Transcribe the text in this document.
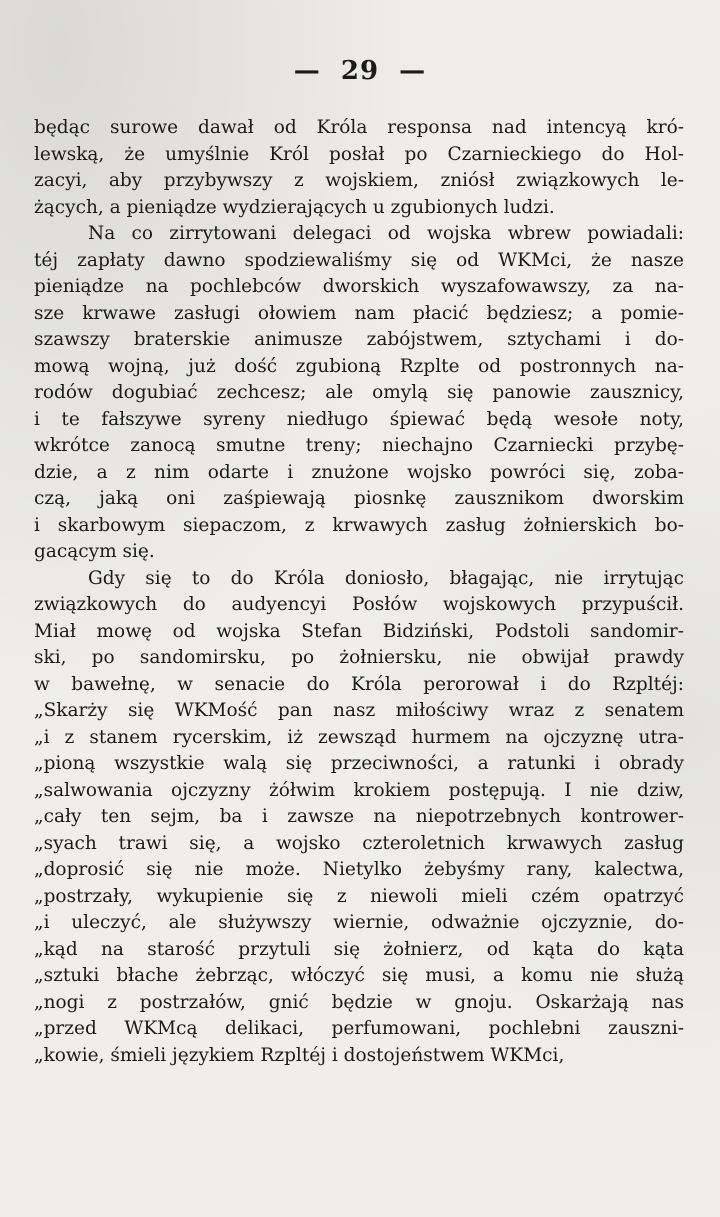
—  29  —
będąc surowe dawał od Króla responsa nad intencyą kró-
lewską, że umyślnie Król posłał po Czarnieckiego do Hol-
zacyi, aby przybywszy z wojskiem, zniósł związkowych le-
żących, a pieniądze wydzierających u zgubionych ludzi.
Na co zirrytowani delegaci od wojska wbrew powiadali:
téj zapłaty dawno spodziewaliśmy się od WKMci, że nasze
pieniądze na pochlebców dworskich wyszafowawszy, za na-
sze krwawe zasługi ołowiem nam płacić będziesz; a pomie-
szawszy braterskie animusze zabójstwem, sztychami i do-
mową wojną, już dość zgubioną Rzplte od postronnych na-
rodów dogubiać zechcesz; ale omylą się panowie zausznicy,
i te fałszywe syreny niedługo śpiewać będą wesołe noty,
wkrótce zanocą smutne treny; niechajno Czarniecki przybę-
dzie, a z nim odarte i znużone wojsko powróci się, zoba-
czą, jaką oni zaśpiewają piosnkę zausznikom dworskim
i skarbowym siepaczom, z krwawych zasług żołnierskich bo-
gacącym się.
Gdy się to do Króla doniosło, błagając, nie irrytując
związkowych do audyencyi Posłów wojskowych przypuścił.
Miał mowę od wojska Stefan Bidziński, Podstoli sandomir-
ski, po sandomirsku, po żołniersku, nie obwijał prawdy
w bawełnę, w senacie do Króla perorował i do Rzpltéj:
„Skarży się WKMość pan nasz miłościwy wraz z senatem
„i z stanem rycerskim, iż zewsząd hurmem na ojczyznę utra-
„pioną wszystkie walą się przeciwności, a ratunki i obrady
„salwowania ojczyzny żółwim krokiem postępują. I nie dziw,
„cały ten sejm, ba i zawsze na niepotrzebnych kontrower-
„syach trawi się, a wojsko czteroletnich krwawych zasług
„doprosić się nie może. Nietylko żebyśmy rany, kalectwa,
„postrzały, wykupienie się z niewoli mieli czém opatrzyć
„i uleczyć, ale służywszy wiernie, odważnie ojczyznie, do-
„kąd na starość przytuli się żołnierz, od kąta do kąta
„sztuki błache żebrząc, włóczyć się musi, a komu nie służą
„nogi z postrzałów, gnić będzie w gnoju. Oskarżają nas
„przed WKMcą delikaci, perfumowani, pochlebni zauszni-
„kowie, śmieli językiem Rzpltéj i dostojeństwem WKMci,
